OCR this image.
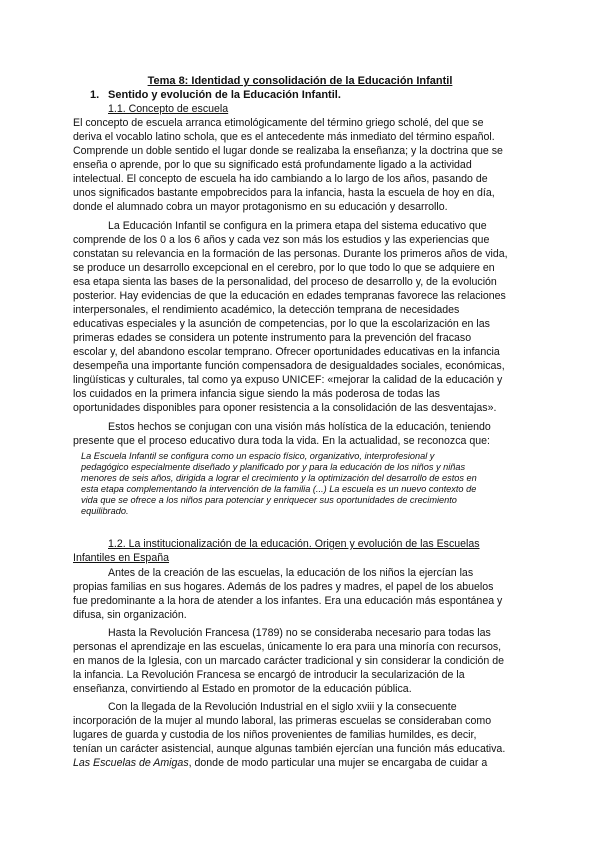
Tema 8: Identidad y consolidación de la Educación Infantil
1. Sentido y evolución de la Educación Infantil.
1.1. Concepto de escuela
El concepto de escuela arranca etimológicamente del término griego scholé, del que se
deriva el vocablo latino schola, que es el antecedente más inmediato del término español.
Comprende un doble sentido el lugar donde se realizaba la enseñanza; y la doctrina que se
enseña o aprende, por lo que su significado está profundamente ligado a la actividad
intelectual. El concepto de escuela ha ido cambiando a lo largo de los años, pasando de
unos significados bastante empobrecidos para la infancia, hasta la escuela de hoy en día,
donde el alumnado cobra un mayor protagonismo en su educación y desarrollo.
La Educación Infantil se configura en la primera etapa del sistema educativo que
comprende de los 0 a los 6 años y cada vez son más los estudios y las experiencias que
constatan su relevancia en la formación de las personas. Durante los primeros años de vida,
se produce un desarrollo excepcional en el cerebro, por lo que todo lo que se adquiere en
esa etapa sienta las bases de la personalidad, del proceso de desarrollo y, de la evolución
posterior. Hay evidencias de que la educación en edades tempranas favorece las relaciones
interpersonales, el rendimiento académico, la detección temprana de necesidades
educativas especiales y la asunción de competencias, por lo que la escolarización en las
primeras edades se considera un potente instrumento para la prevención del fracaso
escolar y, del abandono escolar temprano. Ofrecer oportunidades educativas en la infancia
desempeña una importante función compensadora de desigualdades sociales, económicas,
lingüísticas y culturales, tal como ya expuso UNICEF: «mejorar la calidad de la educación y
los cuidados en la primera infancia sigue siendo la más poderosa de todas las
oportunidades disponibles para oponer resistencia a la consolidación de las desventajas».
Estos hechos se conjugan con una visión más holística de la educación, teniendo
presente que el proceso educativo dura toda la vida. En la actualidad, se reconozca que:
La Escuela Infantil se configura como un espacio físico, organizativo, interprofesional y
pedagógico especialmente diseñado y planificado por y para la educación de los niños y niñas
menores de seis años, dirigida a lograr el crecimiento y la optimización del desarrollo de estos en
esta etapa complementando la intervención de la familia (...) La escuela es un nuevo contexto de
vida que se ofrece a los niños para potenciar y enriquecer sus oportunidades de crecimiento
equilibrado.
1.2. La institucionalización de la educación. Origen y evolución de las Escuelas
Infantiles en España
Antes de la creación de las escuelas, la educación de los niños la ejercían las
propias familias en sus hogares. Además de los padres y madres, el papel de los abuelos
fue predominante a la hora de atender a los infantes. Era una educación más espontánea y
difusa, sin organización.
Hasta la Revolución Francesa (1789) no se consideraba necesario para todas las
personas el aprendizaje en las escuelas, únicamente lo era para una minoría con recursos,
en manos de la Iglesia, con un marcado carácter tradicional y sin considerar la condición de
la infancia. La Revolución Francesa se encargó de introducir la secularización de la
enseñanza, convirtiendo al Estado en promotor de la educación pública.
Con la llegada de la Revolución Industrial en el siglo xviii y la consecuente
incorporación de la mujer al mundo laboral, las primeras escuelas se consideraban como
lugares de guarda y custodia de los niños provenientes de familias humildes, es decir,
tenían un carácter asistencial, aunque algunas también ejercían una función más educativa.
Las Escuelas de Amigas, donde de modo particular una mujer se encargaba de cuidar a
